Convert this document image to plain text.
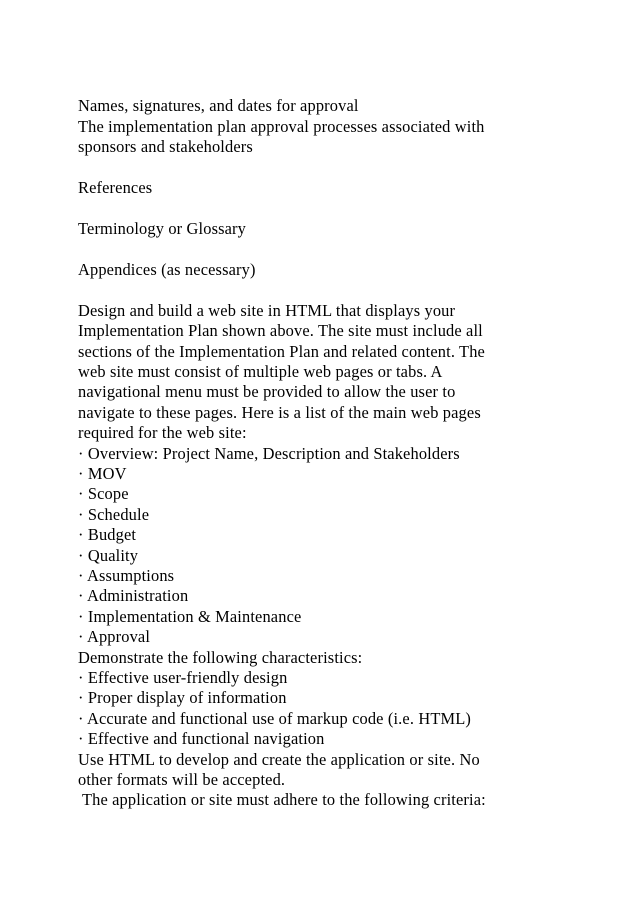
Names, signatures, and dates for approval
The implementation plan approval processes associated with
sponsors and stakeholders
References
Terminology or Glossary
Appendices (as necessary)
Design and build a web site in HTML that displays your
Implementation Plan shown above. The site must include all
sections of the Implementation Plan and related content. The
web site must consist of multiple web pages or tabs. A
navigational menu must be provided to allow the user to
navigate to these pages. Here is a list of the main web pages
required for the web site:
· Overview: Project Name, Description and Stakeholders
· MOV
· Scope
· Schedule
· Budget
· Quality
· Assumptions
· Administration
· Implementation & Maintenance
· Approval
Demonstrate the following characteristics:
· Effective user-friendly design
· Proper display of information
· Accurate and functional use of markup code (i.e. HTML)
· Effective and functional navigation
Use HTML to develop and create the application or site. No
other formats will be accepted.
The application or site must adhere to the following criteria:
